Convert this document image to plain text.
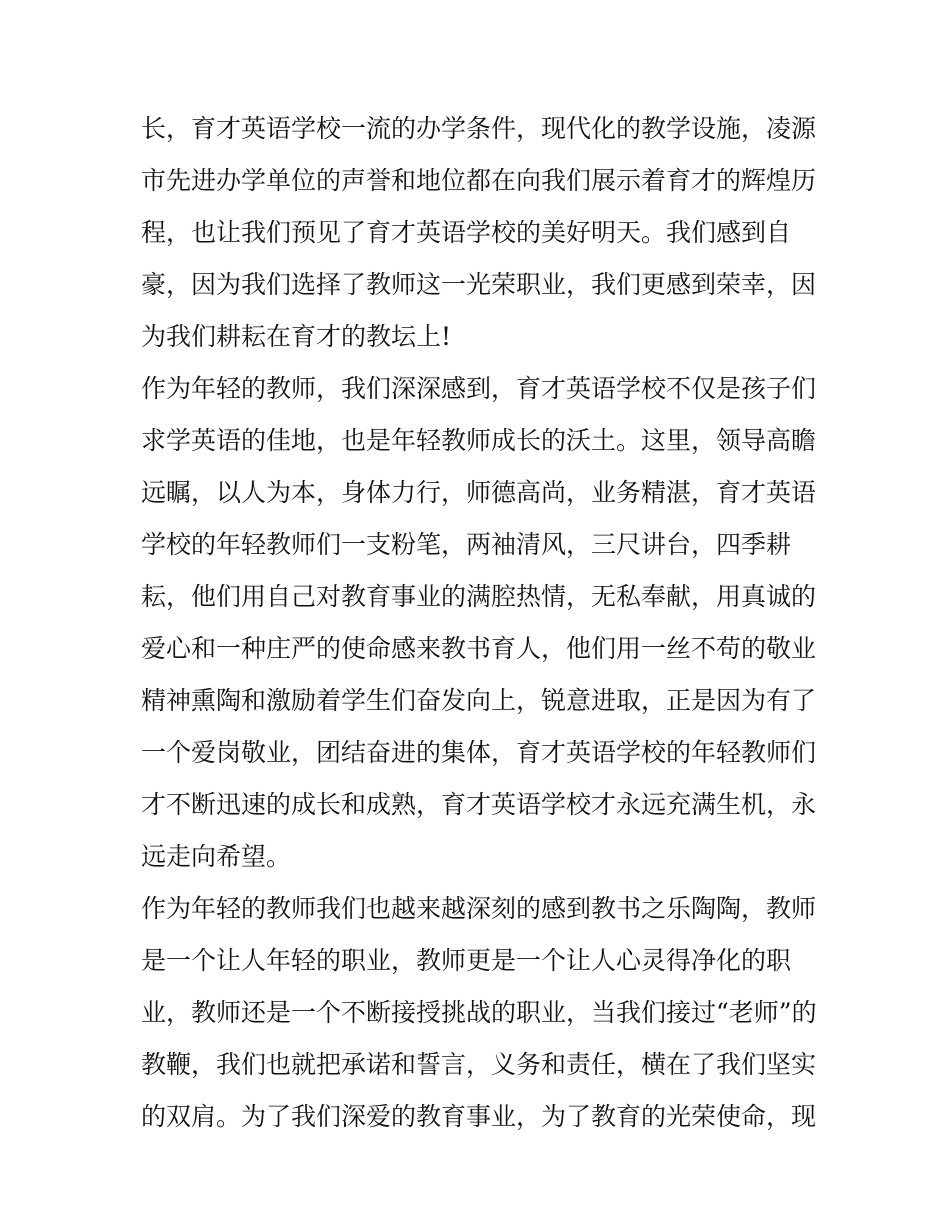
长，育才英语学校一流的办学条件，现代化的教学设施，凌源
市先进办学单位的声誉和地位都在向我们展示着育才的辉煌历
程，也让我们预见了育才英语学校的美好明天。我们感到自
豪，因为我们选择了教师这一光荣职业，我们更感到荣幸，因
为我们耕耘在育才的教坛上!
作为年轻的教师，我们深深感到，育才英语学校不仅是孩子们
求学英语的佳地，也是年轻教师成长的沃土。这里，领导高瞻
远瞩，以人为本，身体力行，师德高尚，业务精湛，育才英语
学校的年轻教师们一支粉笔，两袖清风，三尺讲台，四季耕
耘，他们用自己对教育事业的满腔热情，无私奉献，用真诚的
爱心和一种庄严的使命感来教书育人，他们用一丝不苟的敬业
精神熏陶和激励着学生们奋发向上，锐意进取，正是因为有了
一个爱岗敬业，团结奋进的集体，育才英语学校的年轻教师们
才不断迅速的成长和成熟，育才英语学校才永远充满生机，永
远走向希望。
作为年轻的教师我们也越来越深刻的感到教书之乐陶陶，教师
是一个让人年轻的职业，教师更是一个让人心灵得净化的职
业，教师还是一个不断接授挑战的职业，当我们接过“老师”的
教鞭，我们也就把承诺和誓言，义务和责任，横在了我们坚实
的双肩。为了我们深爱的教育事业，为了教育的光荣使命，现
